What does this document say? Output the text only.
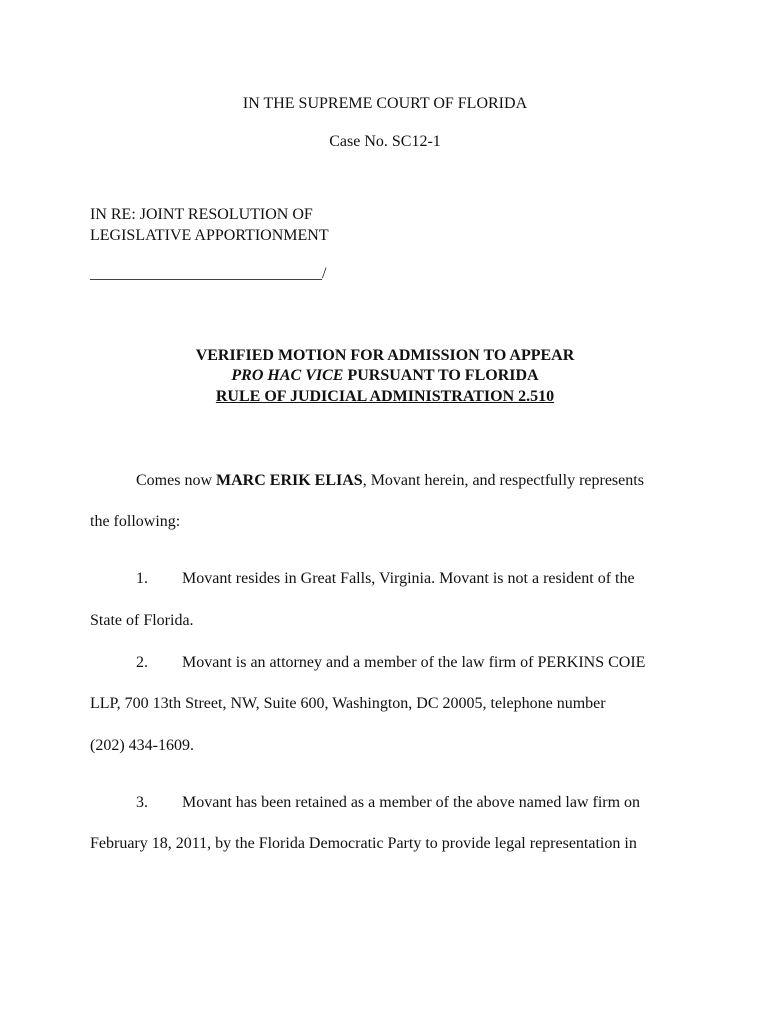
IN THE SUPREME COURT OF FLORIDA
Case No. SC12-1
IN RE: JOINT RESOLUTION OF
LEGISLATIVE APPORTIONMENT
_____________________________/
VERIFIED MOTION FOR ADMISSION TO APPEAR
PRO HAC VICE PURSUANT TO FLORIDA
RULE OF JUDICIAL ADMINISTRATION 2.510
Comes now MARC ERIK ELIAS, Movant herein, and respectfully represents
the following:
1. Movant resides in Great Falls, Virginia. Movant is not a resident of the
State of Florida.
2. Movant is an attorney and a member of the law firm of PERKINS COIE
LLP, 700 13th Street, NW, Suite 600, Washington, DC 20005, telephone number
(202) 434-1609.
3. Movant has been retained as a member of the above named law firm on
February 18, 2011, by the Florida Democratic Party to provide legal representation in
